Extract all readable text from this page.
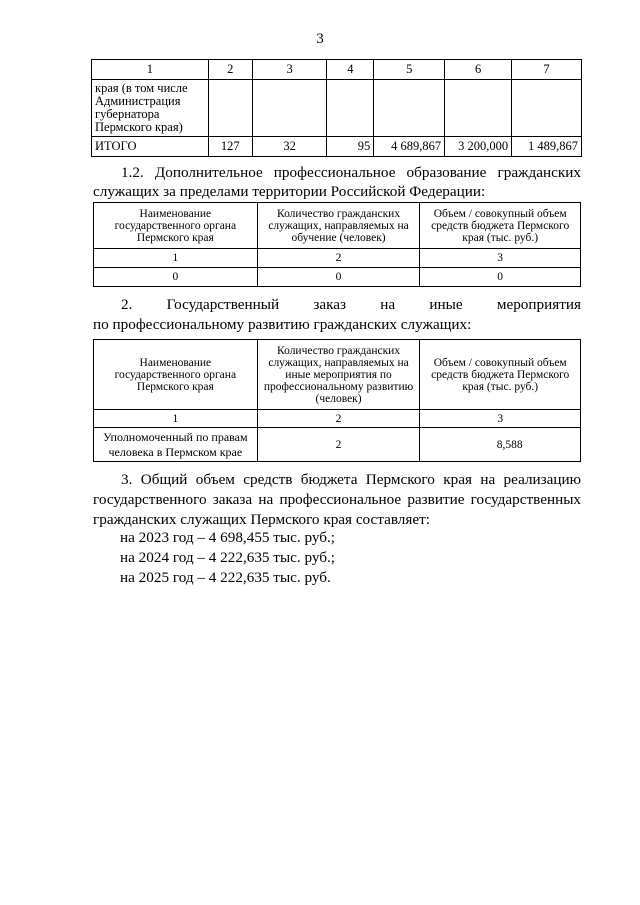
3
1	2	3	4	5	6	7
края (в том числе Администрация губернатора Пермского края)						
ИТОГО	127	32	95	4 689,867	3 200,000	1 489,867
1.2. Дополнительное профессиональное образование гражданских
служащих за пределами территории Российской Федерации:
Наименование государственного органа Пермского края	Количество гражданских служащих, направляемых на обучение (человек)	Объем / совокупный объем средств бюджета Пермского края (тыс. руб.)
1	2	3
0	0	0
2. Государственный заказ на иные мероприятия
по профессиональному развитию гражданских служащих:
Наименование государственного органа Пермского края	Количество гражданских служащих, направляемых на иные мероприятия по профессиональному развитию (человек)	Объем / совокупный объем средств бюджета Пермского края (тыс. руб.)
1	2	3
Уполномоченный по правам человека в Пермском крае	2	8,588
3. Общий объем средств бюджета Пермского края на реализацию
государственного заказа на профессиональное развитие государственных
гражданских служащих Пермского края составляет:
на 2023 год – 4 698,455 тыс. руб.;
на 2024 год – 4 222,635 тыс. руб.;
на 2025 год – 4 222,635 тыс. руб.
